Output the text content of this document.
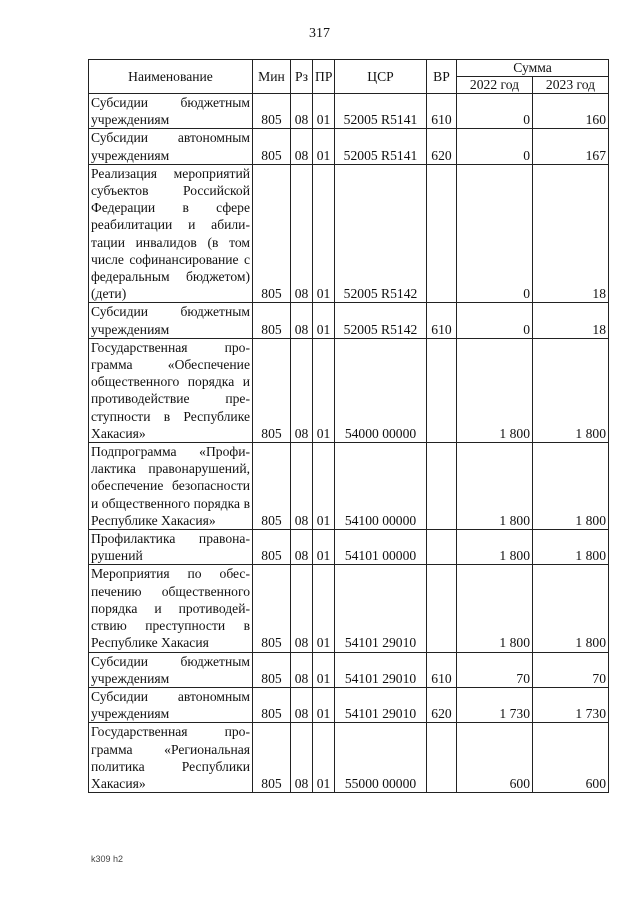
317
Наименование	Мин	Рз	ПР	ЦСР	ВР	Сумма	
						2022 год	2023 год
Субсидии бюджетным учреждениям	805	08	01	52005 R5141	610	0	160
Субсидии автономным учреждениям	805	08	01	52005 R5141	620	0	167
Реализация мероприятий субъектов Российской Федерации в сфере реабилитации и абилитации инвалидов (в том числе софинансирование с федеральным бюджетом) (дети)	805	08	01	52005 R5142		0	18
Субсидии бюджетным учреждениям	805	08	01	52005 R5142	610	0	18
Государственная программа «Обеспечение общественного порядка и противодействие преступности в Республике Хакасия»	805	08	01	54000 00000		1 800	1 800
Подпрограмма «Профилактика правонарушений, обеспечение безопасности и общественного порядка в Республике Хакасия»	805	08	01	54100 00000		1 800	1 800
Профилактика правонарушений	805	08	01	54101 00000		1 800	1 800
Мероприятия по обеспечению общественного порядка и противодействию преступности в Республике Хакасия	805	08	01	54101 29010		1 800	1 800
Субсидии бюджетным учреждениям	805	08	01	54101 29010	610	70	70
Субсидии автономным учреждениям	805	08	01	54101 29010	620	1 730	1 730
Государственная программа «Региональная политика Республики Хакасия»	805	08	01	55000 00000		600	600
k309 h2
